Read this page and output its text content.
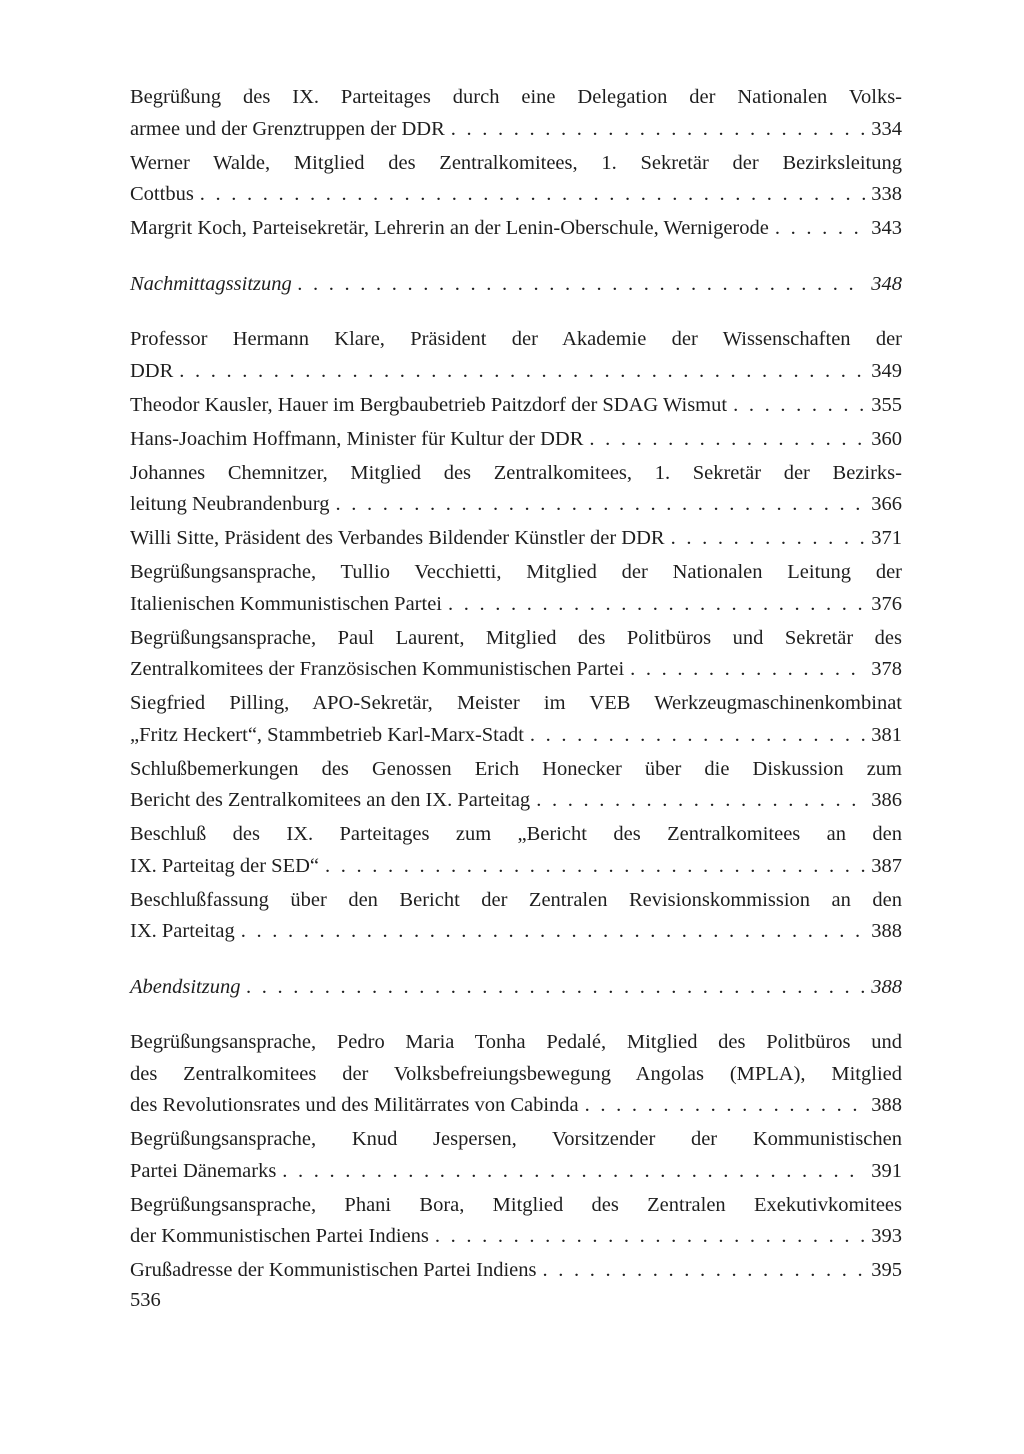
Begrüßung des IX. Parteitages durch eine Delegation der Nationalen Volks-
armee und der Grenztruppen der DDR . . .	334
Werner Walde, Mitglied des Zentralkomitees, 1. Sekretär der Bezirksleitung
Cottbus . . .	338
Margrit Koch, Parteisekretär, Lehrerin an der Lenin-Oberschule, Wernigerode . . .	343
Nachmittagssitzung . . .	348
Professor Hermann Klare, Präsident der Akademie der Wissenschaften der
DDR . . .	349
Theodor Kausler, Hauer im Bergbaubetrieb Paitzdorf der SDAG Wismut . . .	355
Hans-Joachim Hoffmann, Minister für Kultur der DDR . . .	360
Johannes Chemnitzer, Mitglied des Zentralkomitees, 1. Sekretär der Bezirks-
leitung Neubrandenburg . . .	366
Willi Sitte, Präsident des Verbandes Bildender Künstler der DDR . . .	371
Begrüßungsansprache, Tullio Vecchietti, Mitglied der Nationalen Leitung der
Italienischen Kommunistischen Partei . . .	376
Begrüßungsansprache, Paul Laurent, Mitglied des Politbüros und Sekretär des
Zentralkomitees der Französischen Kommunistischen Partei . . .	378
Siegfried Pilling, APO-Sekretär, Meister im VEB Werkzeugmaschinenkombinat
„Fritz Heckert“, Stammbetrieb Karl-Marx-Stadt . . .	381
Schlußbemerkungen des Genossen Erich Honecker über die Diskussion zum
Bericht des Zentralkomitees an den IX. Parteitag . . .	386
Beschluß des IX. Parteitages zum „Bericht des Zentralkomitees an den
IX. Parteitag der SED“ . . .	387
Beschlußfassung über den Bericht der Zentralen Revisionskommission an den
IX. Parteitag . . .	388
Abendsitzung . . .	388
Begrüßungsansprache, Pedro Maria Tonha Pedalé, Mitglied des Politbüros und
des Zentralkomitees der Volksbefreiungsbewegung Angolas (MPLA), Mitglied
des Revolutionsrates und des Militärrates von Cabinda . . .	388
Begrüßungsansprache, Knud Jespersen, Vorsitzender der Kommunistischen
Partei Dänemarks . . .	391
Begrüßungsansprache, Phani Bora, Mitglied des Zentralen Exekutivkomitees
der Kommunistischen Partei Indiens . . .	393
Grußadresse der Kommunistischen Partei Indiens . . .	395
536
